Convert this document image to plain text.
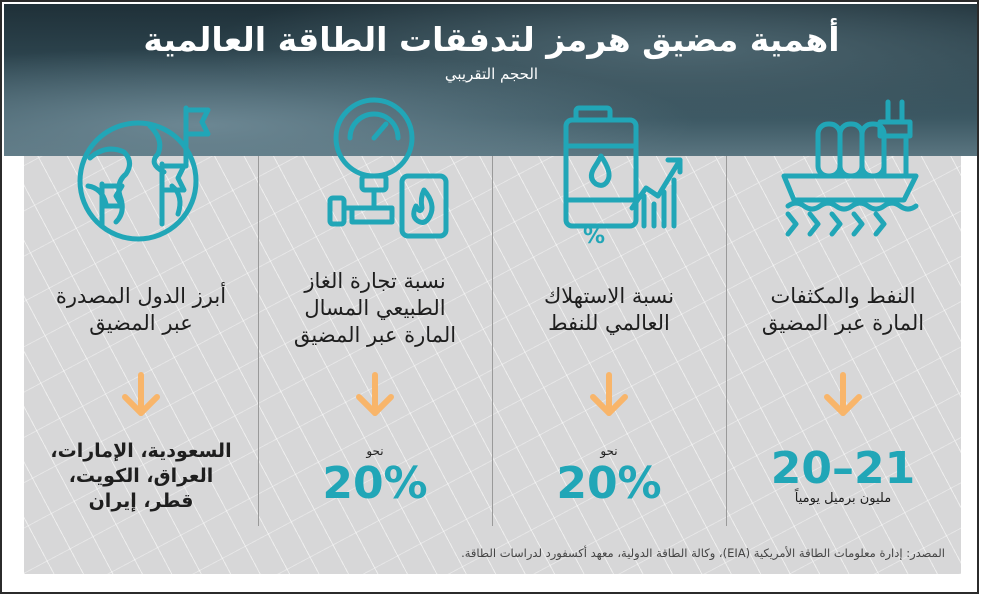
أهمية مضيق هرمز لتدفقات الطاقة العالمية
الحجم التقريبي
أبرز الدول المصدرة
عبر المضيق
السعودية، الإمارات،
العراق، الكويت،
قطر، إيران
نسبة تجارة الغاز
الطبيعي المسال
المارة عبر المضيق
نحو
20%
%
نسبة الاستهلاك
العالمي للنفط
نحو
20%
النفط والمكثفات
المارة عبر المضيق
20–21
مليون برميل يومياً
المصدر: إدارة معلومات الطاقة الأمريكية (EIA)، وكالة الطاقة الدولية، معهد أكسفورد لدراسات الطاقة.
